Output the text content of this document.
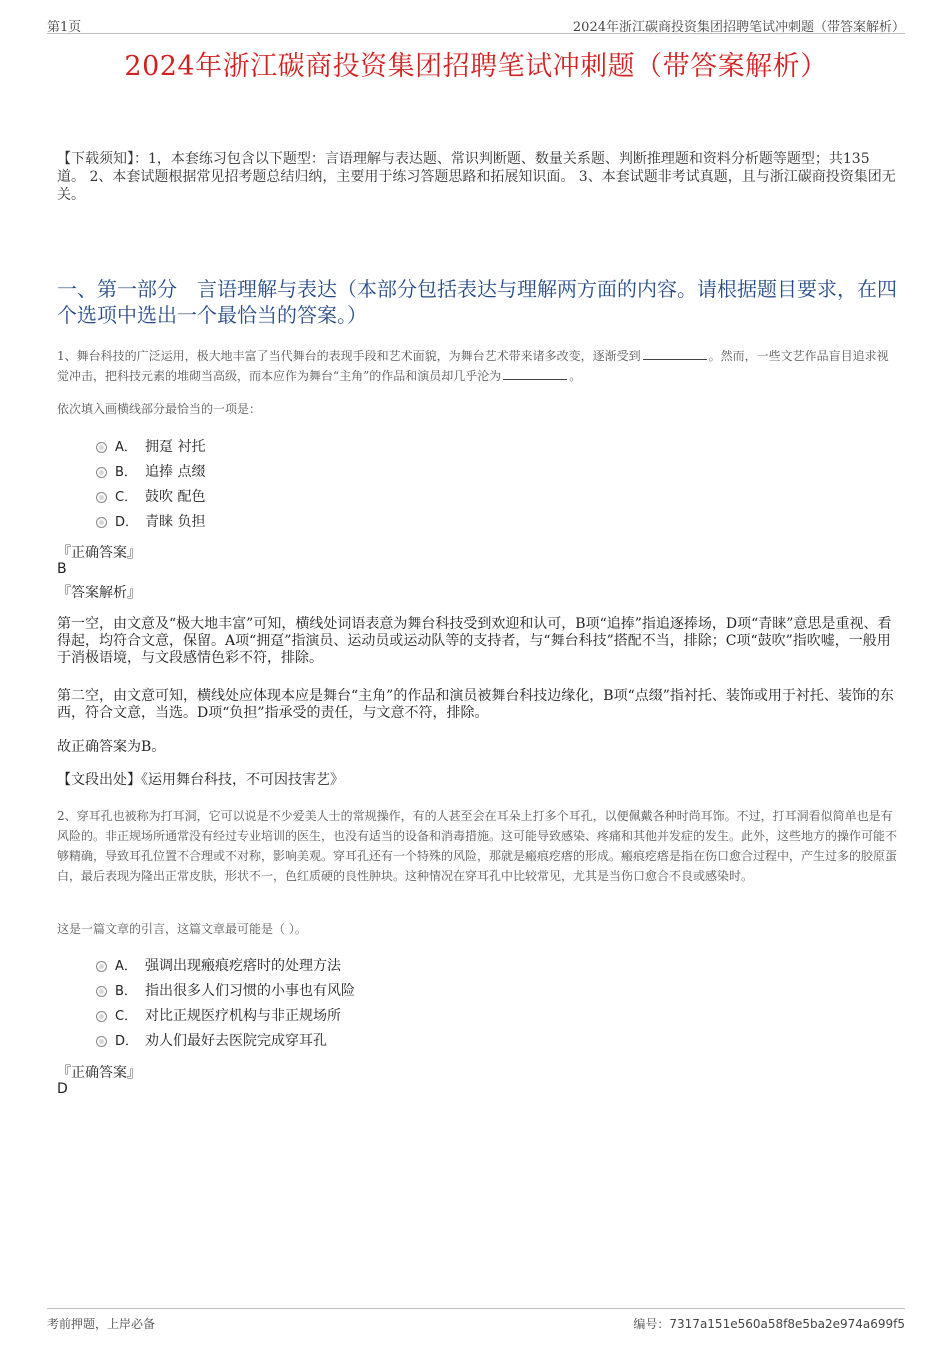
第1页	2024年浙江碳商投资集团招聘笔试冲刺题（带答案解析）
2024年浙江碳商投资集团招聘笔试冲刺题（带答案解析）
【下载须知】：1，本套练习包含以下题型：言语理解与表达题、常识判断题、数量关系题、判断推理题和资料分析题等题型；共135道。 2、本套试题根据常见招考题总结归纳，主要用于练习答题思路和拓展知识面。 3、本套试题非考试真题，且与浙江碳商投资集团无关。
一、第一部分　言语理解与表达（本部分包括表达与理解两方面的内容。请根据题目要求，在四个选项中选出一个最恰当的答案。）
1、舞台科技的广泛运用，极大地丰富了当代舞台的表现手段和艺术面貌，为舞台艺术带来诸多改变，逐渐受到	。然而，一些文艺作品盲目追求视觉冲击，把科技元素的堆砌当高级，而本应作为舞台“主角”的作品和演员却几乎沦为	。
依次填入画横线部分最恰当的一项是：
A． 拥趸 衬托
B． 追捧 点缀
C． 鼓吹 配色
D． 青睐 负担
『正确答案』
B
『答案解析』
第一空，由文意及“极大地丰富”可知，横线处词语表意为舞台科技受到欢迎和认可，B项“追捧”指追逐捧场，D项“青睐”意思是重视、看得起，均符合文意，保留。A项“拥趸”指演员、运动员或运动队等的支持者，与“舞台科技”搭配不当，排除；C项“鼓吹”指吹嘘，一般用于消极语境，与文段感情色彩不符，排除。
第二空，由文意可知，横线处应体现本应是舞台“主角”的作品和演员被舞台科技边缘化，B项“点缀”指衬托、装饰或用于衬托、装饰的东西，符合文意，当选。D项“负担”指承受的责任，与文意不符，排除。
故正确答案为B。
【文段出处】《运用舞台科技，不可因技害艺》
2、穿耳孔也被称为打耳洞，它可以说是不少爱美人士的常规操作，有的人甚至会在耳朵上打多个耳孔，以便佩戴各种时尚耳饰。不过，打耳洞看似简单也是有风险的。非正规场所通常没有经过专业培训的医生，也没有适当的设备和消毒措施。这可能导致感染、疼痛和其他并发症的发生。此外，这些地方的操作可能不够精确，导致耳孔位置不合理或不对称，影响美观。穿耳孔还有一个特殊的风险，那就是瘢痕疙瘩的形成。瘢痕疙瘩是指在伤口愈合过程中，产生过多的胶原蛋白，最后表现为隆出正常皮肤，形状不一，色红质硬的良性肿块。这种情况在穿耳孔中比较常见，尤其是当伤口愈合不良或感染时。
这是一篇文章的引言，这篇文章最可能是（ ）。
A． 强调出现瘢痕疙瘩时的处理方法
B． 指出很多人们习惯的小事也有风险
C． 对比正规医疗机构与非正规场所
D． 劝人们最好去医院完成穿耳孔
『正确答案』
D
考前押题，上岸必备	编号：7317a151e560a58f8e5ba2e974a699f5
